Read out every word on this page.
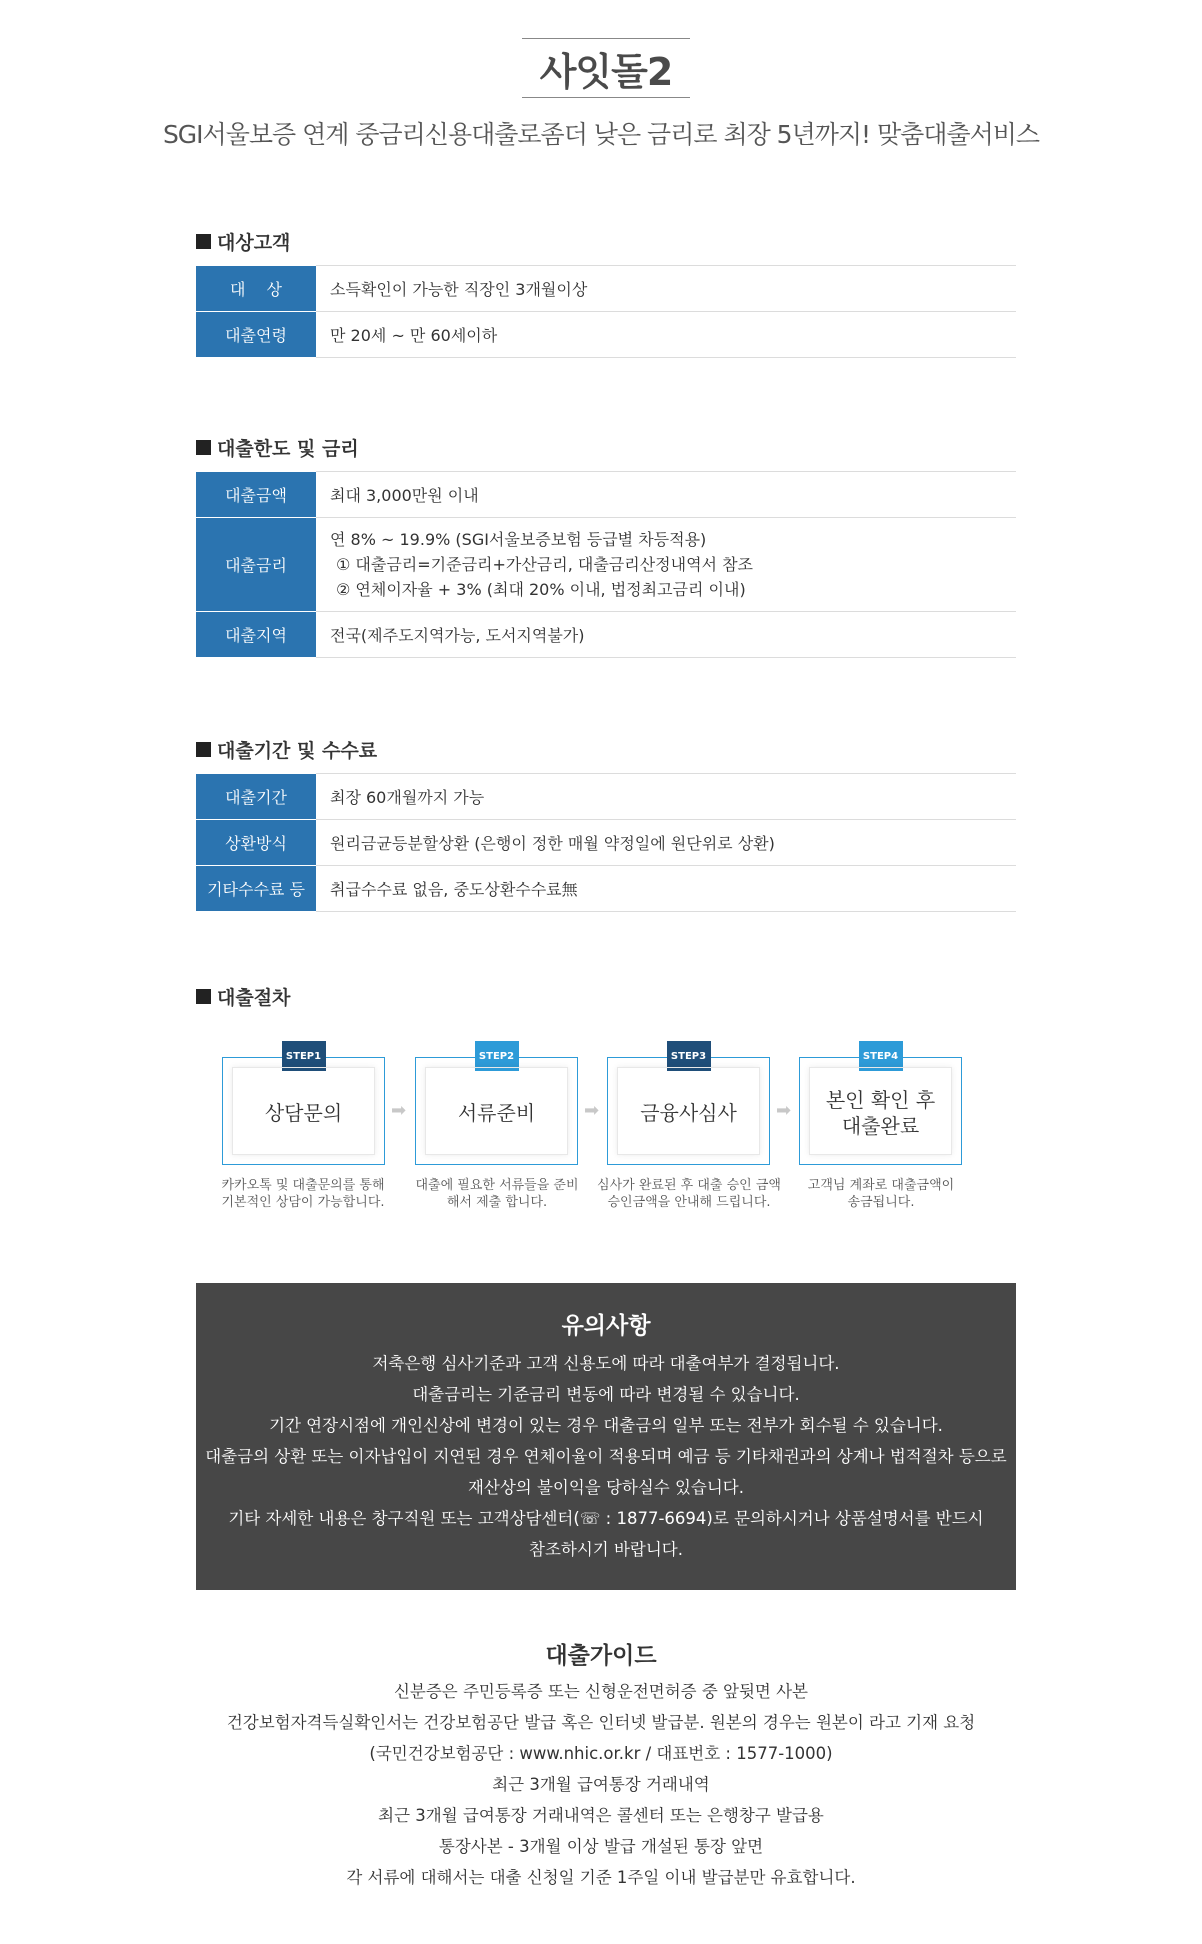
사잇돌2
SGI서울보증 연계 중금리신용대출로좀더 낮은 금리로 최장 5년까지! 맞춤대출서비스
대상고객
대 　상	소득확인이 가능한 직장인 3개월이상
대출연령	만 20세 ~ 만 60세이하
대출한도 및 금리
대출금액	최대 3,000만원 이내
대출금리	연 8% ~ 19.9% (SGI서울보증보험 등급별 차등적용)
① 대출금리=기준금리+가산금리, 대출금리산정내역서 참조
② 연체이자율 + 3% (최대 20% 이내, 법정최고금리 이내)

대출지역	전국(제주도지역가능, 도서지역불가)
대출기간 및 수수료
대출기간	최장 60개월까지 가능
상환방식	원리금균등분할상환 (은행이 정한 매월 약정일에 원단위로 상환)
기타수수료 등	취급수수료 없음, 중도상환수수료無
대출절차
STEP1
상담문의	➡
STEP2
서류준비	➡
STEP3
금융사심사	➡
STEP4
본인 확인 후
대출완료
카카오톡 및 대출문의를 통해
기본적인 상담이 가능합니다.
대출에 필요한 서류들을 준비
해서 제출 합니다.
심사가 완료된 후 대출 승인 금액
승인금액을 안내해 드립니다.
고객님 계좌로 대출금액이
송금됩니다.
유의사항

저축은행 심사기준과 고객 신용도에 따라 대출여부가 결정됩니다.

대출금리는 기준금리 변동에 따라 변경될 수 있습니다.

기간 연장시점에 개인신상에 변경이 있는 경우 대출금의 일부 또는 전부가 회수될 수 있습니다.

대출금의 상환 또는 이자납입이 지연된 경우 연체이율이 적용되며 예금 등 기타채권과의 상계나 법적절차 등으로

재산상의 불이익을 당하실수 있습니다.

기타 자세한 내용은 창구직원 또는 고객상담센터(☏ : 1877-6694)로 문의하시거나 상품설명서를 반드시

참조하시기 바랍니다.

대출가이드

신분증은 주민등록증 또는 신형운전면허증 중 앞뒷면 사본

건강보험자격득실확인서는 건강보험공단 발급 혹은 인터넷 발급분. 원본의 경우는 원본이 라고 기재 요청

(국민건강보험공단 : www.nhic.or.kr / 대표번호 : 1577-1000)

최근 3개월 급여통장 거래내역

최근 3개월 급여통장 거래내역은 콜센터 또는 은행창구 발급용

통장사본 - 3개월 이상 발급 개설된 통장 앞면

각 서류에 대해서는 대출 신청일 기준 1주일 이내 발급분만 유효합니다.
